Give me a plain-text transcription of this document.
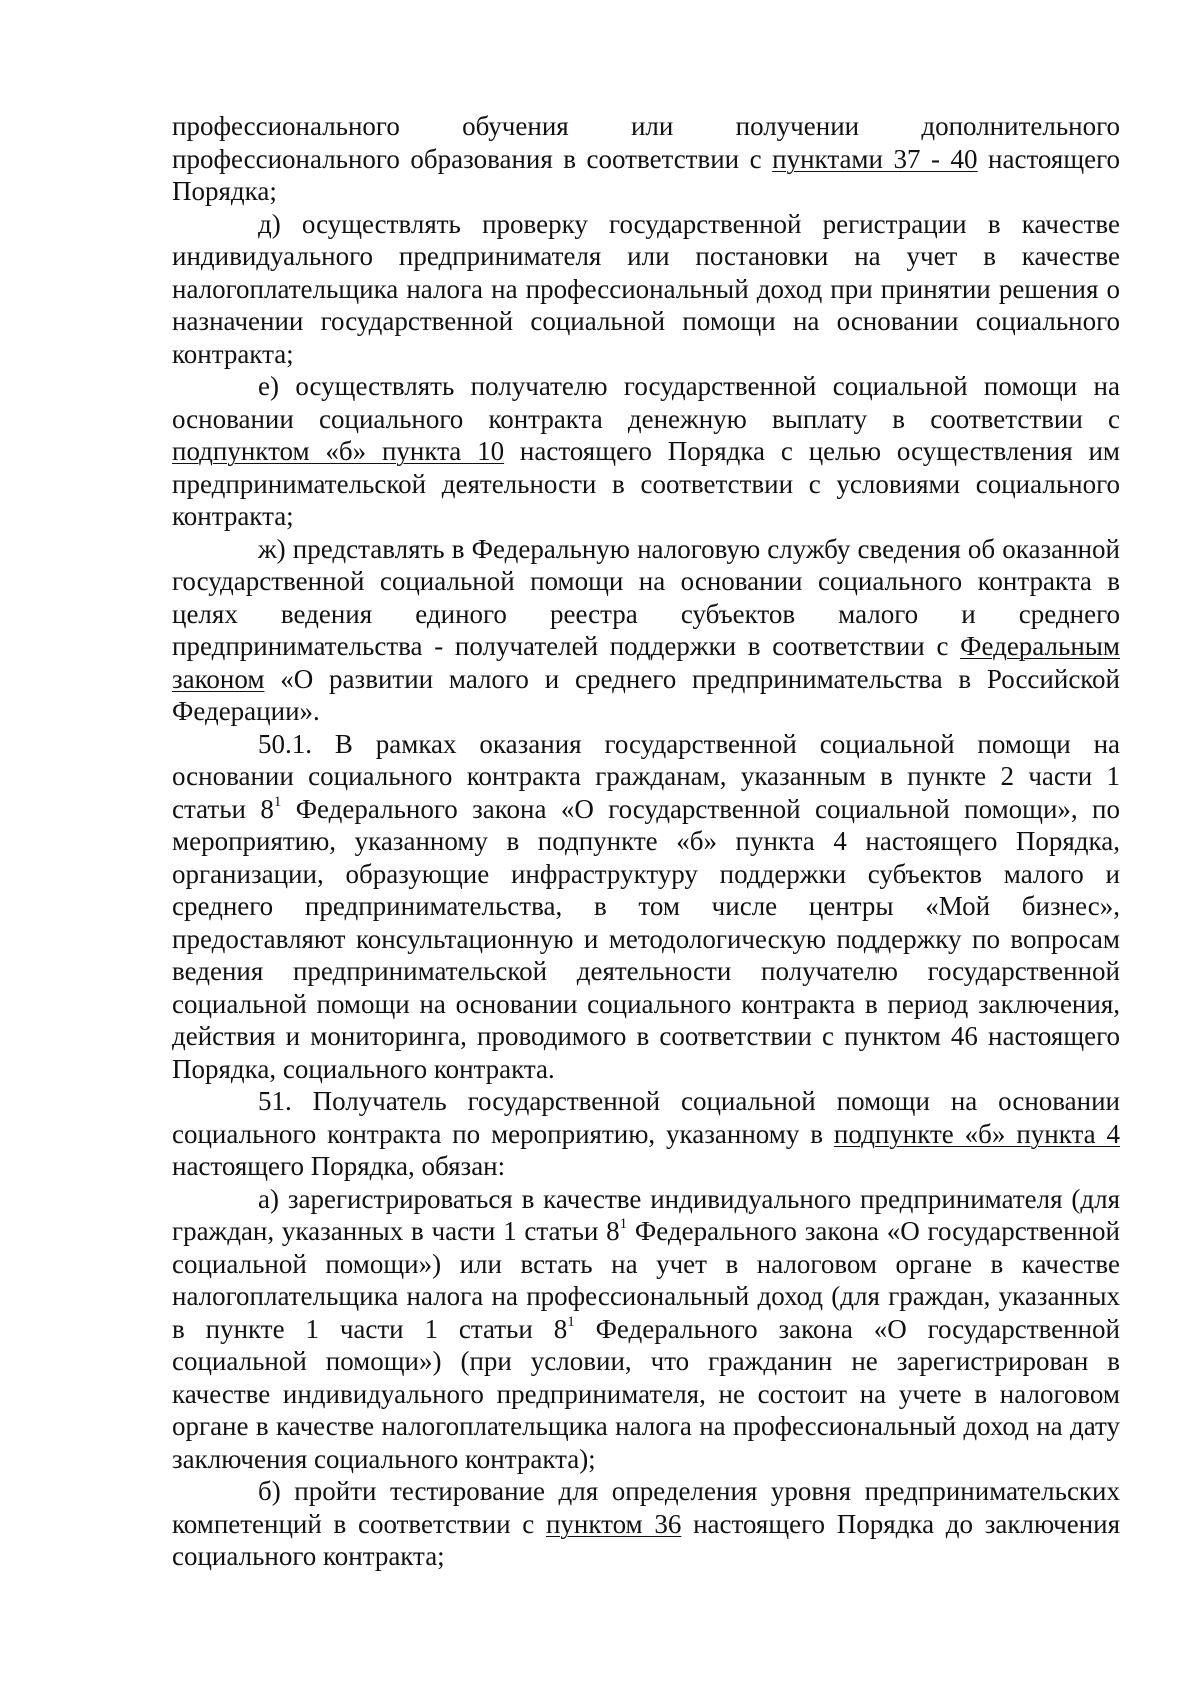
профессионального обучения или получении дополнительного профессионального образования в соответствии с пунктами 37 - 40 настоящего Порядка;

д) осуществлять проверку государственной регистрации в качестве индивидуального предпринимателя или постановки на учет в качестве налогоплательщика налога на профессиональный доход при принятии решения о назначении государственной социальной помощи на основании социального контракта;

е) осуществлять получателю государственной социальной помощи на основании социального контракта денежную выплату в соответствии с подпунктом «б» пункта 10 настоящего Порядка с целью осуществления им предпринимательской деятельности в соответствии с условиями социального контракта;

ж) представлять в Федеральную налоговую службу сведения об оказанной государственной социальной помощи на основании социального контракта в целях ведения единого реестра субъектов малого и среднего предпринимательства - получателей поддержки в соответствии с Федеральным законом «О развитии малого и среднего предпринимательства в Российской Федерации».

50.1. В рамках оказания государственной социальной помощи на основании социального контракта гражданам, указанным в пункте 2 части 1 статьи $8^1$ Федерального закона «О государственной социальной помощи», по мероприятию, указанному в подпункте «б» пункта 4 настоящего Порядка, организации, образующие инфраструктуру поддержки субъектов малого и среднего предпринимательства, в том числе центры «Мой бизнес», предоставляют консультационную и методологическую поддержку по вопросам ведения предпринимательской деятельности получателю государственной социальной помощи на основании социального контракта в период заключения, действия и мониторинга, проводимого в соответствии с пунктом 46 настоящего Порядка, социального контракта.

51. Получатель государственной социальной помощи на основании социального контракта по мероприятию, указанному в подпункте «б» пункта 4 настоящего Порядка, обязан:

а) зарегистрироваться в качестве индивидуального предпринимателя (для граждан, указанных в части 1 статьи $8^1$ Федерального закона «О государственной социальной помощи») или встать на учет в налоговом органе в качестве налогоплательщика налога на профессиональный доход (для граждан, указанных в пункте 1 части 1 статьи $8^1$ Федерального закона «О государственной социальной помощи») (при условии, что гражданин не зарегистрирован в качестве индивидуального предпринимателя, не состоит на учете в налоговом органе в качестве налогоплательщика налога на профессиональный доход на дату заключения социального контракта);

б) пройти тестирование для определения уровня предпринимательских компетенций в соответствии с пунктом 36 настоящего Порядка до заключения социального контракта;
